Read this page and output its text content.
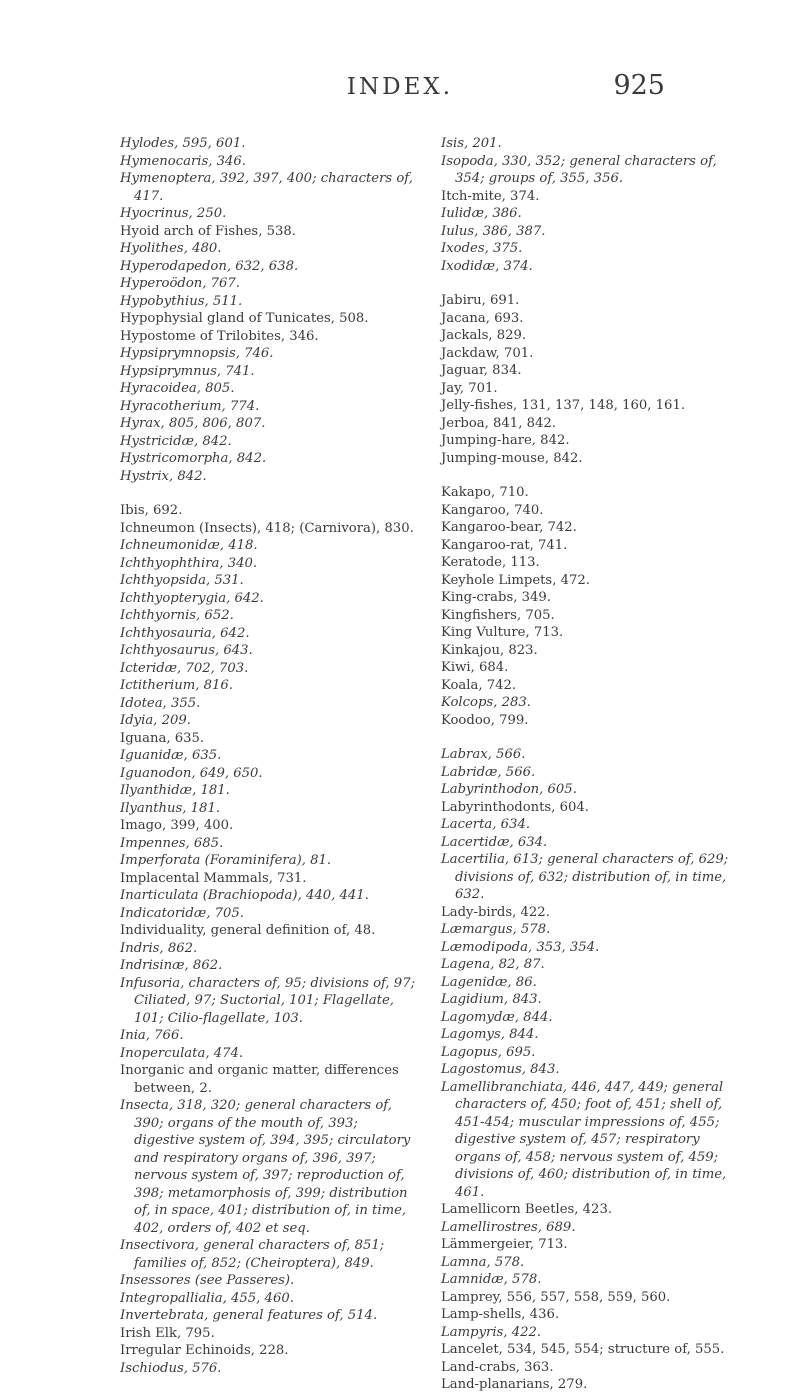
INDEX.	925

Hylodes, 595, 601.

Hymenocaris, 346.

Hymenoptera, 392, 397, 400; characters of, 417.

Hyocrinus, 250.

Hyoid arch of Fishes, 538.

Hyolithes, 480.

Hyperodapedon, 632, 638.

Hyperoödon, 767.

Hypobythius, 511.

Hypophysial gland of Tunicates, 508.

Hypostome of Trilobites, 346.

Hypsiprymnopsis, 746.

Hypsiprymnus, 741.

Hyracoidea, 805.

Hyracotherium, 774.

Hyrax, 805, 806, 807.

Hystricidæ, 842.

Hystricomorpha, 842.

Hystrix, 842.

Ibis, 692.

Ichneumon (Insects), 418; (Carnivora), 830.

Ichneumonidæ, 418.

Ichthyophthira, 340.

Ichthyopsida, 531.

Ichthyopterygia, 642.

Ichthyornis, 652.

Ichthyosauria, 642.

Ichthyosaurus, 643.

Icteridæ, 702, 703.

Ictitherium, 816.

Idotea, 355.

Idyia, 209.

Iguana, 635.

Iguanidæ, 635.

Iguanodon, 649, 650.

Ilyanthidæ, 181.

Ilyanthus, 181.

Imago, 399, 400.

Impennes, 685.

Imperforata (Foraminifera), 81.

Implacental Mammals, 731.

Inarticulata (Brachiopoda), 440, 441.

Indicatoridæ, 705.

Individuality, general definition of, 48.

Indris, 862.

Indrisinæ, 862.

Infusoria, characters of, 95; divisions of, 97; Ciliated, 97; Suctorial, 101; Flagellate, 101; Cilio-flagellate, 103.

Inia, 766.

Inoperculata, 474.

Inorganic and organic matter, differences between, 2.

Insecta, 318, 320; general characters of, 390; organs of the mouth of, 393; digestive system of, 394, 395; circulatory and respiratory organs of, 396, 397; nervous system of, 397; reproduction of, 398; metamorphosis of, 399; distribution of, in space, 401; distribution of, in time, 402, orders of, 402 et seq.

Insectivora, general characters of, 851; families of, 852; (Cheiroptera), 849.

Insessores (see Passeres).

Integropallialia, 455, 460.

Invertebrata, general features of, 514.

Irish Elk, 795.

Irregular Echinoids, 228.

Ischiodus, 576.

Isis, 201.

Isopoda, 330, 352; general characters of, 354; groups of, 355, 356.

Itch-mite, 374.

Iulidæ, 386.

Iulus, 386, 387.

Ixodes, 375.

Ixodidæ, 374.

Jabiru, 691.

Jacana, 693.

Jackals, 829.

Jackdaw, 701.

Jaguar, 834.

Jay, 701.

Jelly-fishes, 131, 137, 148, 160, 161.

Jerboa, 841, 842.

Jumping-hare, 842.

Jumping-mouse, 842.

Kakapo, 710.

Kangaroo, 740.

Kangaroo-bear, 742.

Kangaroo-rat, 741.

Keratode, 113.

Keyhole Limpets, 472.

King-crabs, 349.

Kingfishers, 705.

King Vulture, 713.

Kinkajou, 823.

Kiwi, 684.

Koala, 742.

Kolcops, 283.

Koodoo, 799.

Labrax, 566.

Labridæ, 566.

Labyrinthodon, 605.

Labyrinthodonts, 604.

Lacerta, 634.

Lacertidæ, 634.

Lacertilia, 613; general characters of, 629; divisions of, 632; distribution of, in time, 632.

Lady-birds, 422.

Læmargus, 578.

Læmodipoda, 353, 354.

Lagena, 82, 87.

Lagenidæ, 86.

Lagidium, 843.

Lagomydæ, 844.

Lagomys, 844.

Lagopus, 695.

Lagostomus, 843.

Lamellibranchiata, 446, 447, 449; general characters of, 450; foot of, 451; shell of, 451-454; muscular impressions of, 455; digestive system of, 457; respiratory organs of, 458; nervous system of, 459; divisions of, 460; distribution of, in time, 461.

Lamellicorn Beetles, 423.

Lamellirostres, 689.

Lämmergeier, 713.

Lamna, 578.

Lamnidæ, 578.

Lamprey, 556, 557, 558, 559, 560.

Lamp-shells, 436.

Lampyris, 422.

Lancelet, 534, 545, 554; structure of, 555.

Land-crabs, 363.

Land-planarians, 279.
